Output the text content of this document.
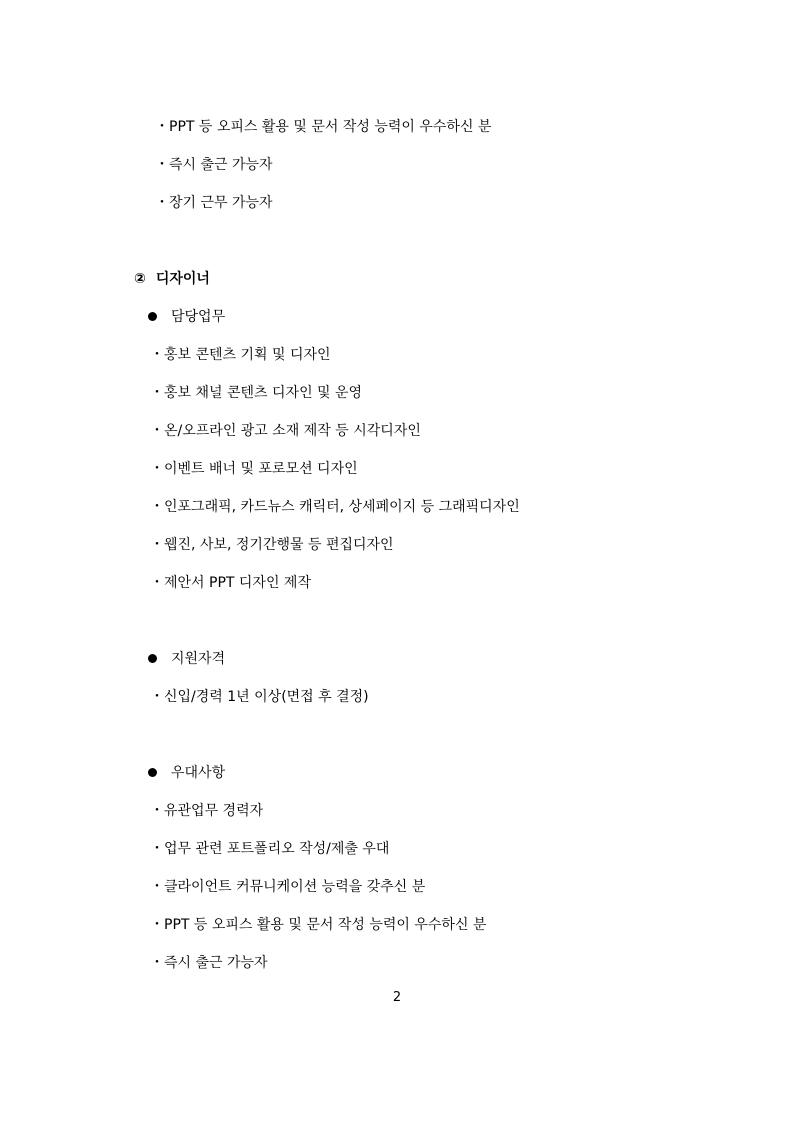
・PPT 등 오피스 활용 및 문서 작성 능력이 우수하신 분
・즉시 출근 가능자
・장기 근무 가능자
② 디자이너
담당업무
・홍보 콘텐츠 기획 및 디자인
・홍보 채널 콘텐츠 디자인 및 운영
・온/오프라인 광고 소재 제작 등 시각디자인
・이벤트 배너 및 포로모션 디자인
・인포그래픽, 카드뉴스 캐릭터, 상세페이지 등 그래픽디자인
・웹진, 사보, 정기간행물 등 편집디자인
・제안서 PPT 디자인 제작
지원자격
・신입/경력 1년 이상(면접 후 결정)
우대사항
・유관업무 경력자
・업무 관련 포트폴리오 작성/제출 우대
・클라이언트 커뮤니케이션 능력을 갖추신 분
・PPT 등 오피스 활용 및 문서 작성 능력이 우수하신 분
・즉시 출근 가능자
2
